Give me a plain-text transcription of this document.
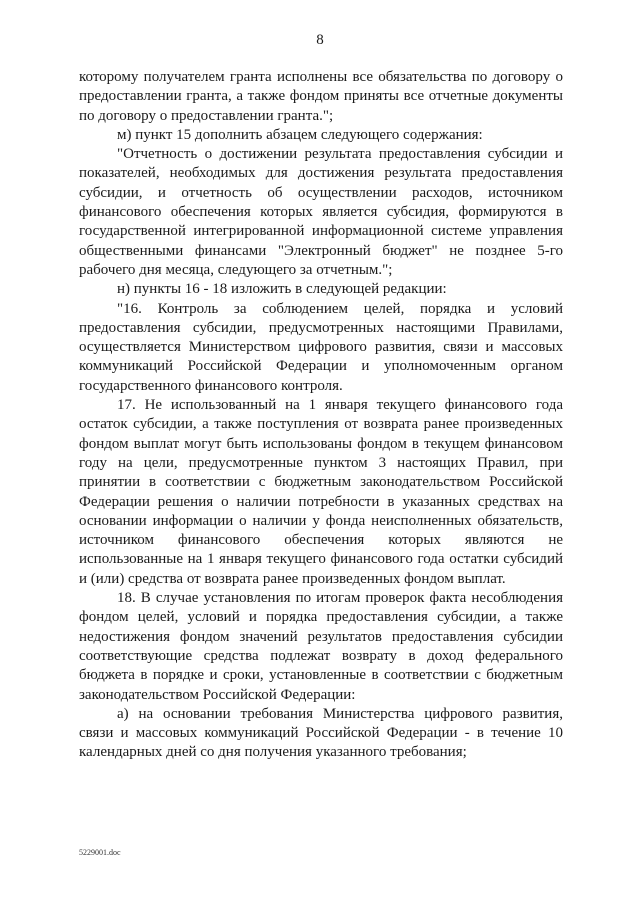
8

которому получателем гранта исполнены все обязательства по договору о предоставлении гранта, а также фондом приняты все отчетные документы по договору о предоставлении гранта.";

м) пункт 15 дополнить абзацем следующего содержания:

"Отчетность о достижении результата предоставления субсидии и показателей, необходимых для достижения результата предоставления субсидии, и отчетность об осуществлении расходов, источником финансового обеспечения которых является субсидия, формируются в государственной интегрированной информационной системе управления общественными финансами "Электронный бюджет" не позднее 5-го рабочего дня месяца, следующего за отчетным.";

н) пункты 16 - 18 изложить в следующей редакции:

"16. Контроль за соблюдением целей, порядка и условий предоставления субсидии, предусмотренных настоящими Правилами, осуществляется Министерством цифрового развития, связи и массовых коммуникаций Российской Федерации и уполномоченным органом государственного финансового контроля.

17. Не использованный на 1 января текущего финансового года остаток субсидии, а также поступления от возврата ранее произведенных фондом выплат могут быть использованы фондом в текущем финансовом году на цели, предусмотренные пунктом 3 настоящих Правил, при принятии в соответствии с бюджетным законодательством Российской Федерации решения о наличии потребности в указанных средствах на основании информации о наличии у фонда неисполненных обязательств, источником финансового обеспечения которых являются не использованные на 1 января текущего финансового года остатки субсидий и (или) средства от возврата ранее произведенных фондом выплат.

18. В случае установления по итогам проверок факта несоблюдения фондом целей, условий и порядка предоставления субсидии, а также недостижения фондом значений результатов предоставления субсидии соответствующие средства подлежат возврату в доход федерального бюджета в порядке и сроки, установленные в соответствии с бюджетным законодательством Российской Федерации:

а) на основании требования Министерства цифрового развития, связи и массовых коммуникаций Российской Федерации - в течение 10 календарных дней со дня получения указанного требования;

5229001.doc
